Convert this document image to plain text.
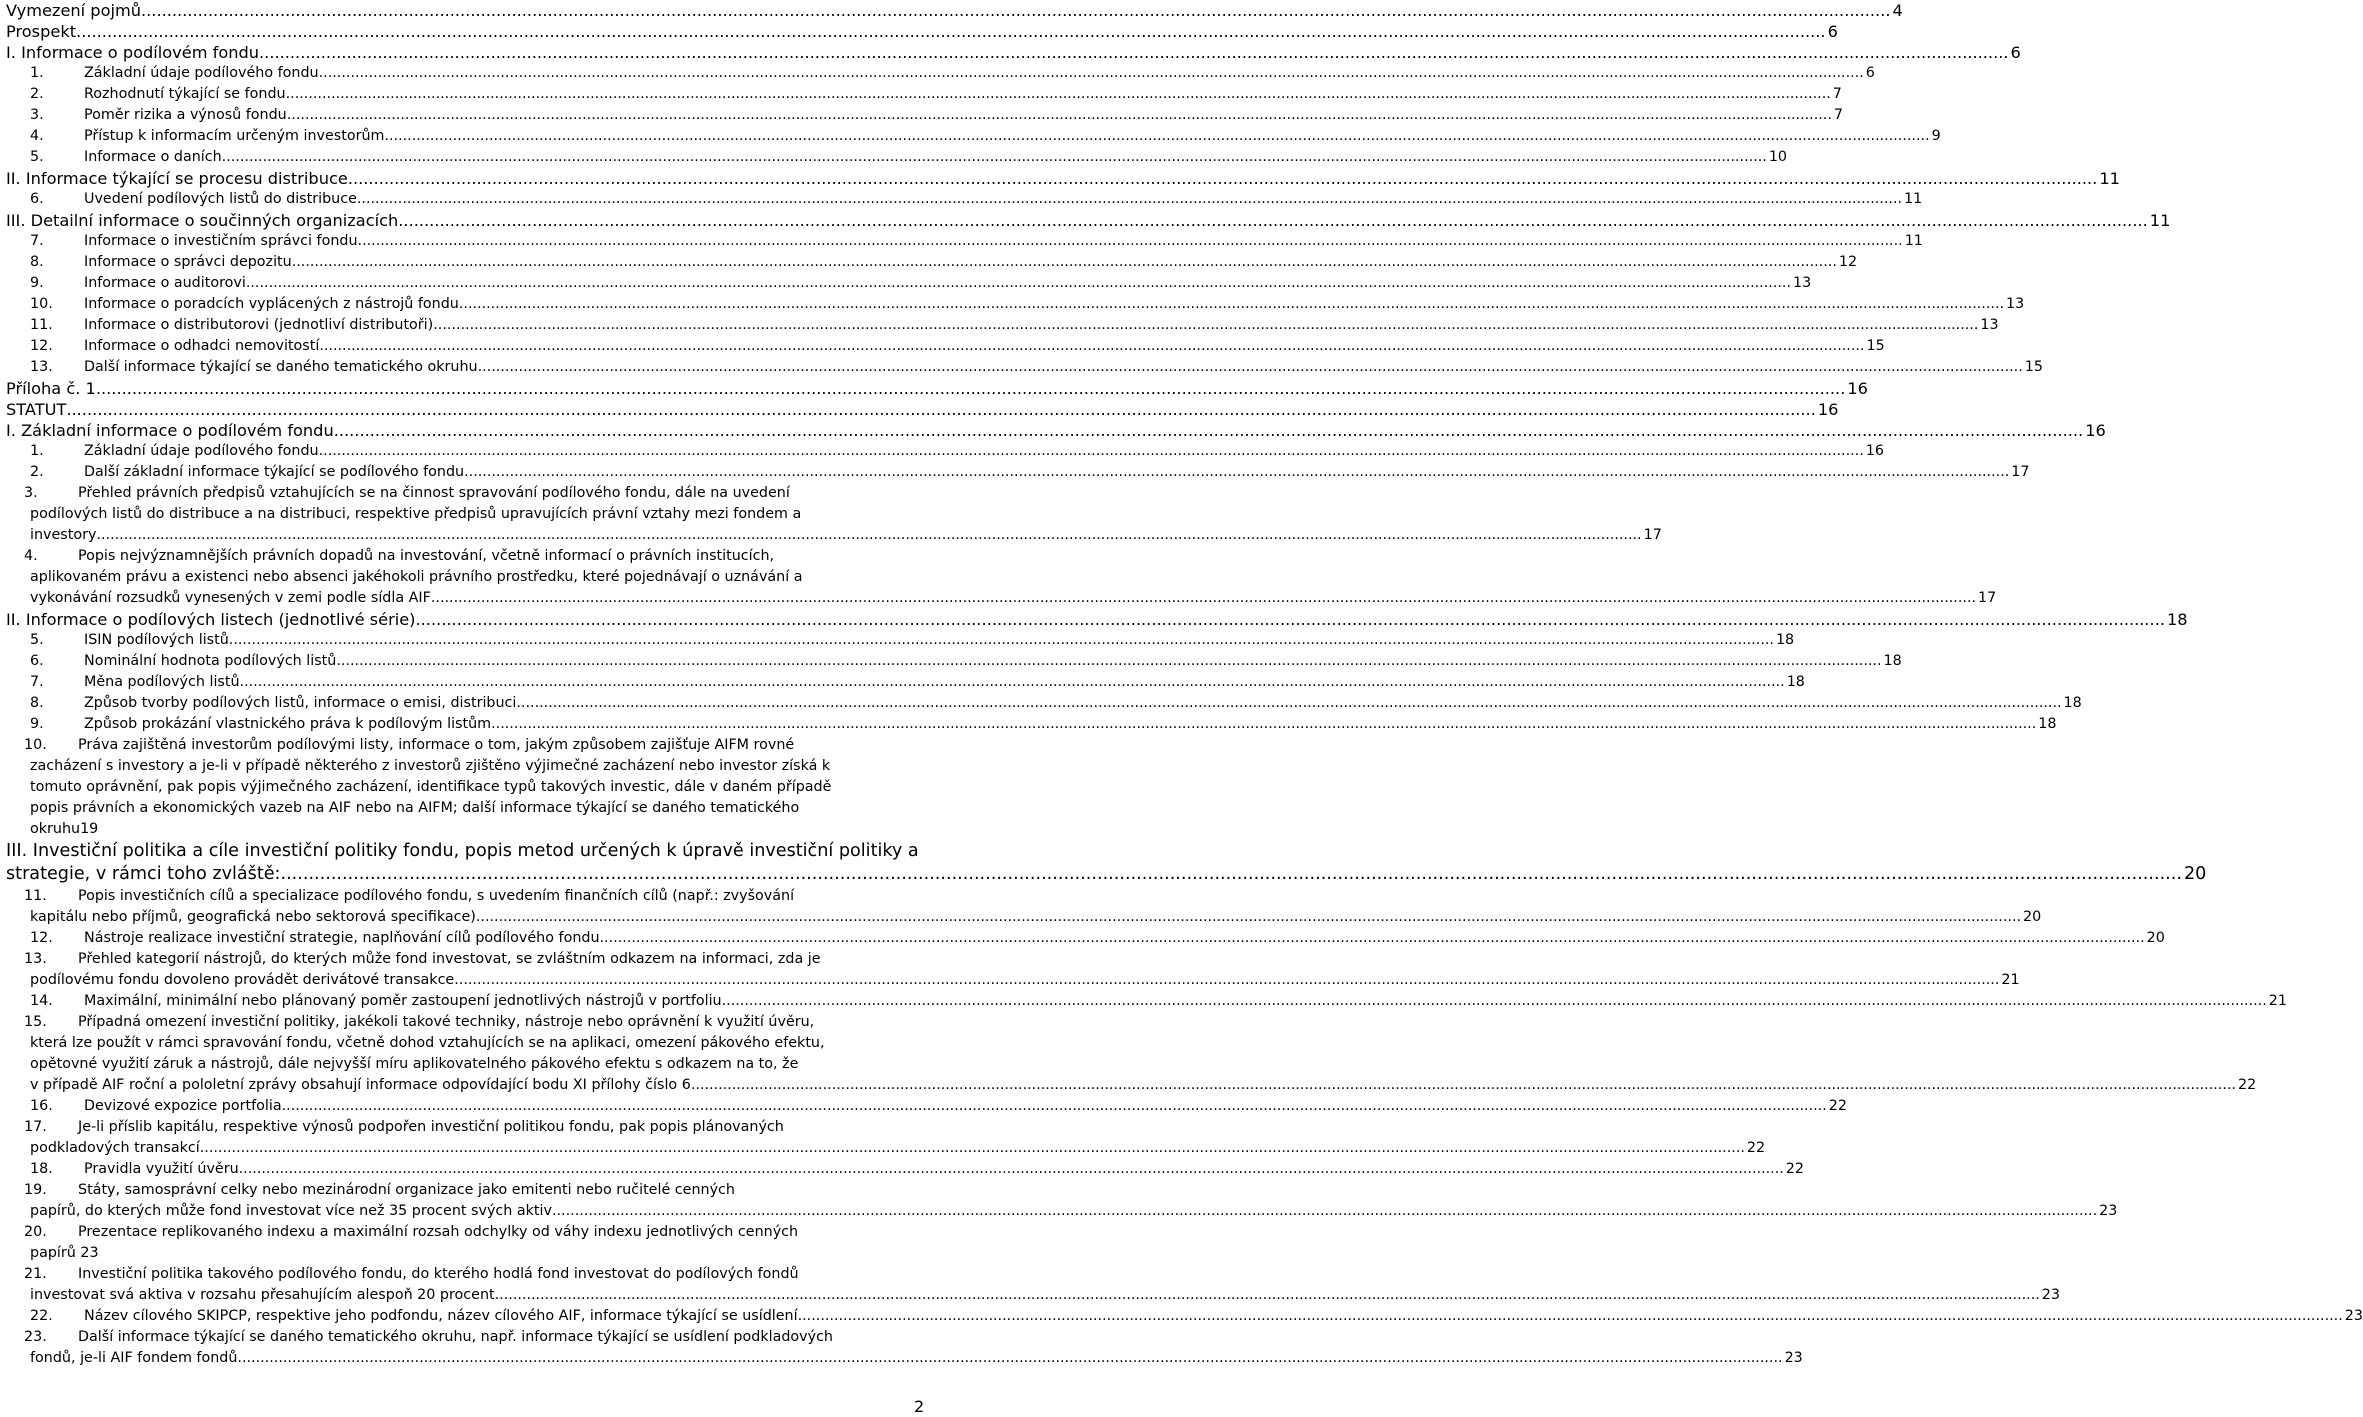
Vymezení pojmů .....	4
Prospekt .....	6
I. Informace o podílovém fondu .....	6
1.	Základní údaje podílového fondu .....	6
2.	Rozhodnutí týkající se fondu .....	7
3.	Poměr rizika a výnosů fondu .....	7
4.	Přístup k informacím určeným investorům .....	9
5.	Informace o daních .....	10
II. Informace týkající se procesu distribuce .....	11
6.	Uvedení podílových listů do distribuce .....	11
III. Detailní informace o součinných organizacích .....	11
7.	Informace o investičním správci fondu .....	11
8.	Informace o správci depozitu .....	12
9.	Informace o auditorovi .....	13
10.	Informace o poradcích vyplácených z nástrojů fondu .....	13
11.	Informace o distributorovi (jednotliví distributoři) .....	13
12.	Informace o odhadci nemovitostí .....	15
13.	Další informace týkající se daného tematického okruhu .....	15
Příloha č. 1 .....	16
STATUT .....	16
I. Základní informace o podílovém fondu .....	16
1.	Základní údaje podílového fondu .....	16
2.	Další základní informace týkající se podílového fondu .....	17
3.	Přehled právních předpisů vztahujících se na činnost spravování podílového fondu, dále na uvedení
podílových listů do distribuce a na distribuci, respektive předpisů upravujících právní vztahy mezi fondem a
investory .....	17
4.	Popis nejvýznamnějších právních dopadů na investování, včetně informací o právních institucích,
aplikovaném právu a existenci nebo absenci jakéhokoli právního prostředku, které pojednávají o uznávání a
vykonávání rozsudků vynesených v zemi podle sídla AIF .....	17
II. Informace o podílových listech (jednotlivé série) .....	18
5.	ISIN podílových listů .....	18
6.	Nominální hodnota podílových listů .....	18
7.	Měna podílových listů .....	18
8.	Způsob tvorby podílových listů, informace o emisi, distribuci .....	18
9.	Způsob prokázání vlastnického práva k podílovým listům .....	18
10. Práva zajištěná investorům podílovými listy, informace o tom, jakým způsobem zajišťuje AIFM rovné
zacházení s investory a je-li v případě některého z investorů zjištěno výjimečné zacházení nebo investor získá k
tomuto oprávnění, pak popis výjimečného zacházení, identifikace typů takových investic, dále v daném případě
popis právních a ekonomických vazeb na AIF nebo na AIFM; další informace týkající se daného tematického
okruhu19
III. Investiční politika a cíle investiční politiky fondu, popis metod určených k úpravě investiční politiky a
strategie, v rámci toho zvláště: .....	20
11. Popis investičních cílů a specializace podílového fondu, s uvedením finančních cílů (např.: zvyšování
kapitálu nebo příjmů, geografická nebo sektorová specifikace) .....	20
12.	Nástroje realizace investiční strategie, naplňování cílů podílového fondu .....	20
13. Přehled kategorií nástrojů, do kterých může fond investovat, se zvláštním odkazem na informaci, zda je
podílovému fondu dovoleno provádět derivátové transakce .....	21
14.	Maximální, minimální nebo plánovaný poměr zastoupení jednotlivých nástrojů v portfoliu .....	21
15. Případná omezení investiční politiky, jakékoli takové techniky, nástroje nebo oprávnění k využití úvěru,
která lze použít v rámci spravování fondu, včetně dohod vztahujících se na aplikaci, omezení pákového efektu,
opětovné využití záruk a nástrojů, dále nejvyšší míru aplikovatelného pákového efektu s odkazem na to, že
v případě AIF roční a pololetní zprávy obsahují informace odpovídající bodu XI přílohy číslo 6 .....	22
16.	Devizové expozice portfolia .....	22
17. Je-li příslib kapitálu, respektive výnosů podpořen investiční politikou fondu, pak popis plánovaných
podkladových transakcí .....	22
18.	Pravidla využití úvěru .....	22
19. Státy, samosprávní celky nebo mezinárodní organizace jako emitenti nebo ručitelé cenných
papírů, do kterých může fond investovat více než 35 procent svých aktiv .....	23
20. Prezentace replikovaného indexu a maximální rozsah odchylky od váhy indexu jednotlivých cenných
papírů 23
21. Investiční politika takového podílového fondu, do kterého hodlá fond investovat do podílových fondů
investovat svá aktiva v rozsahu přesahujícím alespoň 20 procent .....	23
22.	Název cílového SKIPCP, respektive jeho podfondu, název cílového AIF, informace týkající se usídlení .....	23
23. Další informace týkající se daného tematického okruhu, např. informace týkající se usídlení podkladových
fondů, je-li AIF fondem fondů .....	23
2
